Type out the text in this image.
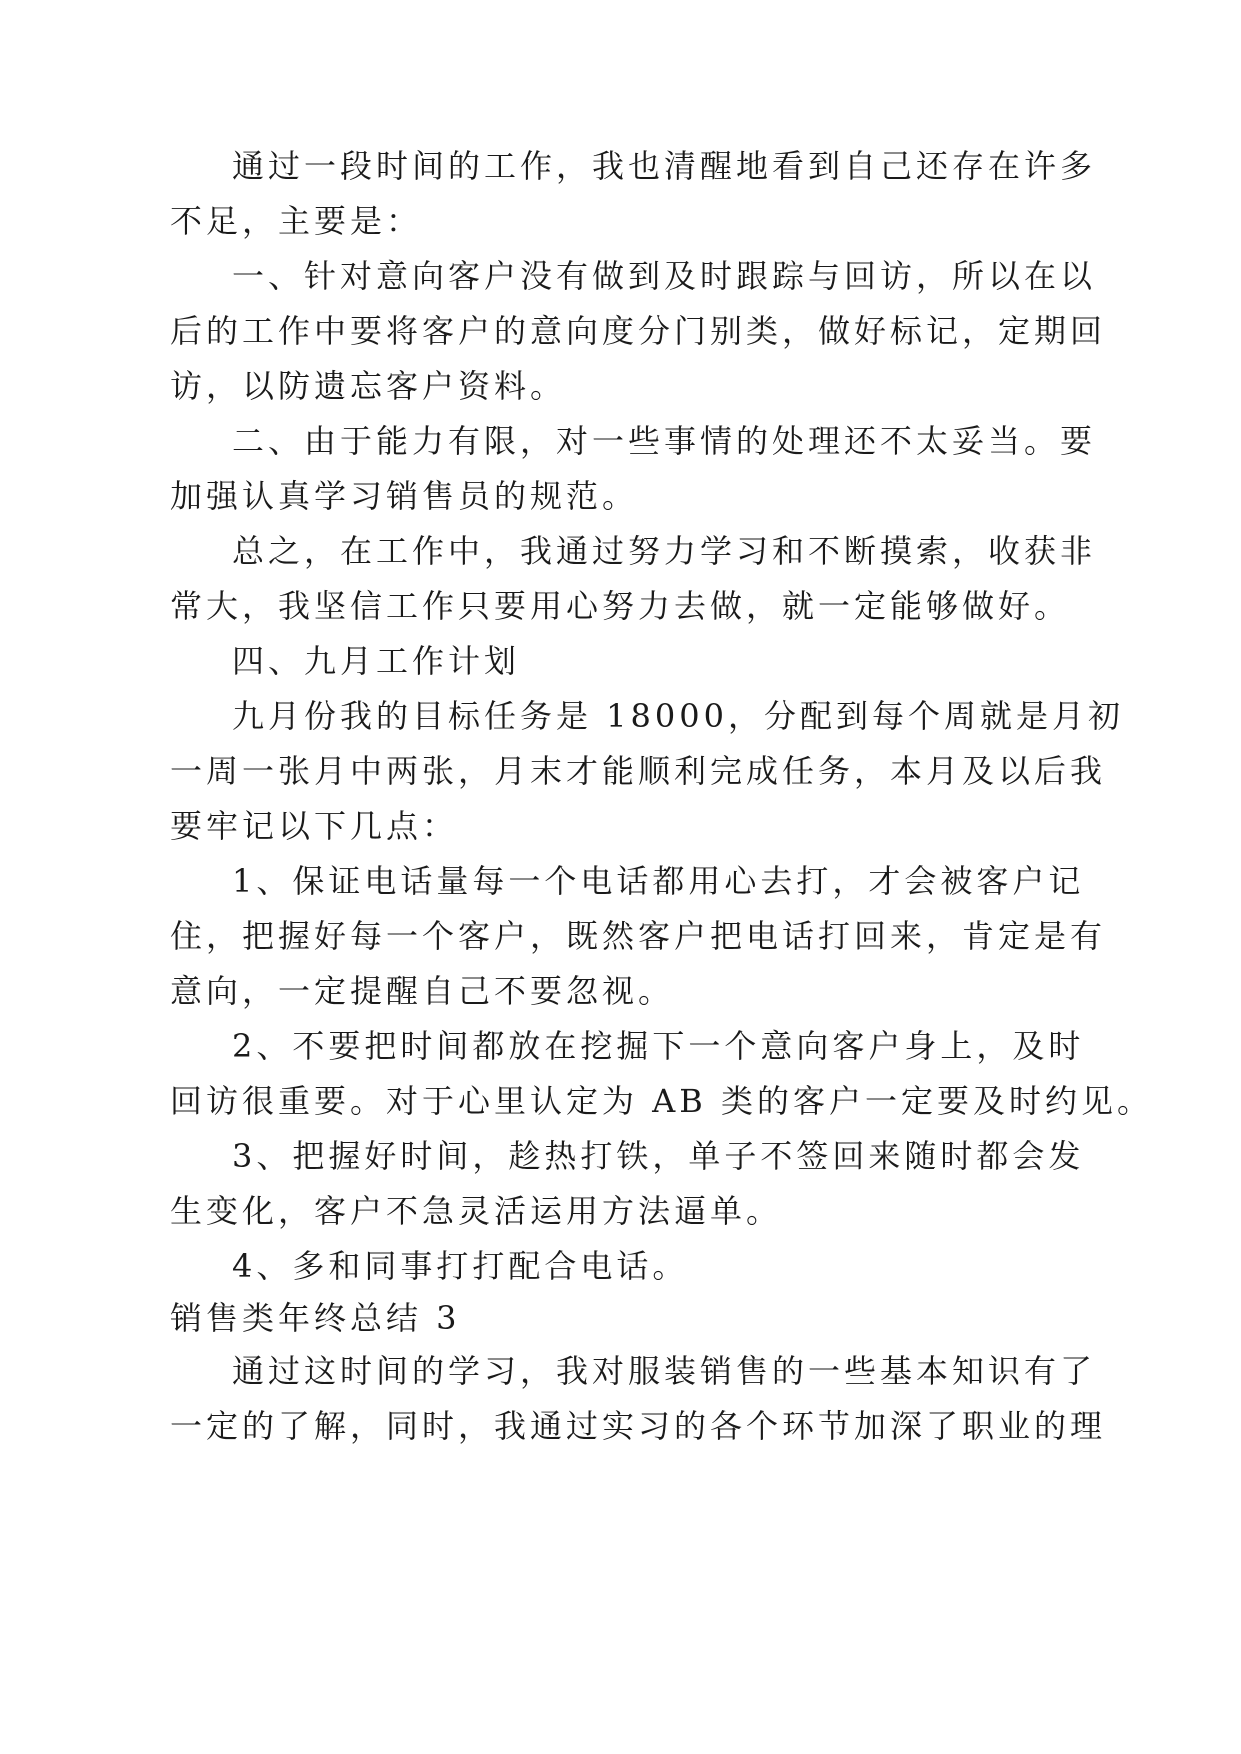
通过一段时间的工作，我也清醒地看到自己还存在许多
不足，主要是：
一、针对意向客户没有做到及时跟踪与回访，所以在以
后的工作中要将客户的意向度分门别类，做好标记，定期回
访，以防遗忘客户资料。
二、由于能力有限，对一些事情的处理还不太妥当。要
加强认真学习销售员的规范。
总之，在工作中，我通过努力学习和不断摸索，收获非
常大，我坚信工作只要用心努力去做，就一定能够做好。
四、九月工作计划
九月份我的目标任务是 18000，分配到每个周就是月初
一周一张月中两张，月末才能顺利完成任务，本月及以后我
要牢记以下几点：
1、保证电话量每一个电话都用心去打，才会被客户记
住，把握好每一个客户，既然客户把电话打回来，肯定是有
意向，一定提醒自己不要忽视。
2、不要把时间都放在挖掘下一个意向客户身上，及时
回访很重要。对于心里认定为 AB 类的客户一定要及时约见。
3、把握好时间，趁热打铁，单子不签回来随时都会发
生变化，客户不急灵活运用方法逼单。
4、多和同事打打配合电话。
销售类年终总结 3
通过这时间的学习，我对服装销售的一些基本知识有了
一定的了解，同时，我通过实习的各个环节加深了职业的理
